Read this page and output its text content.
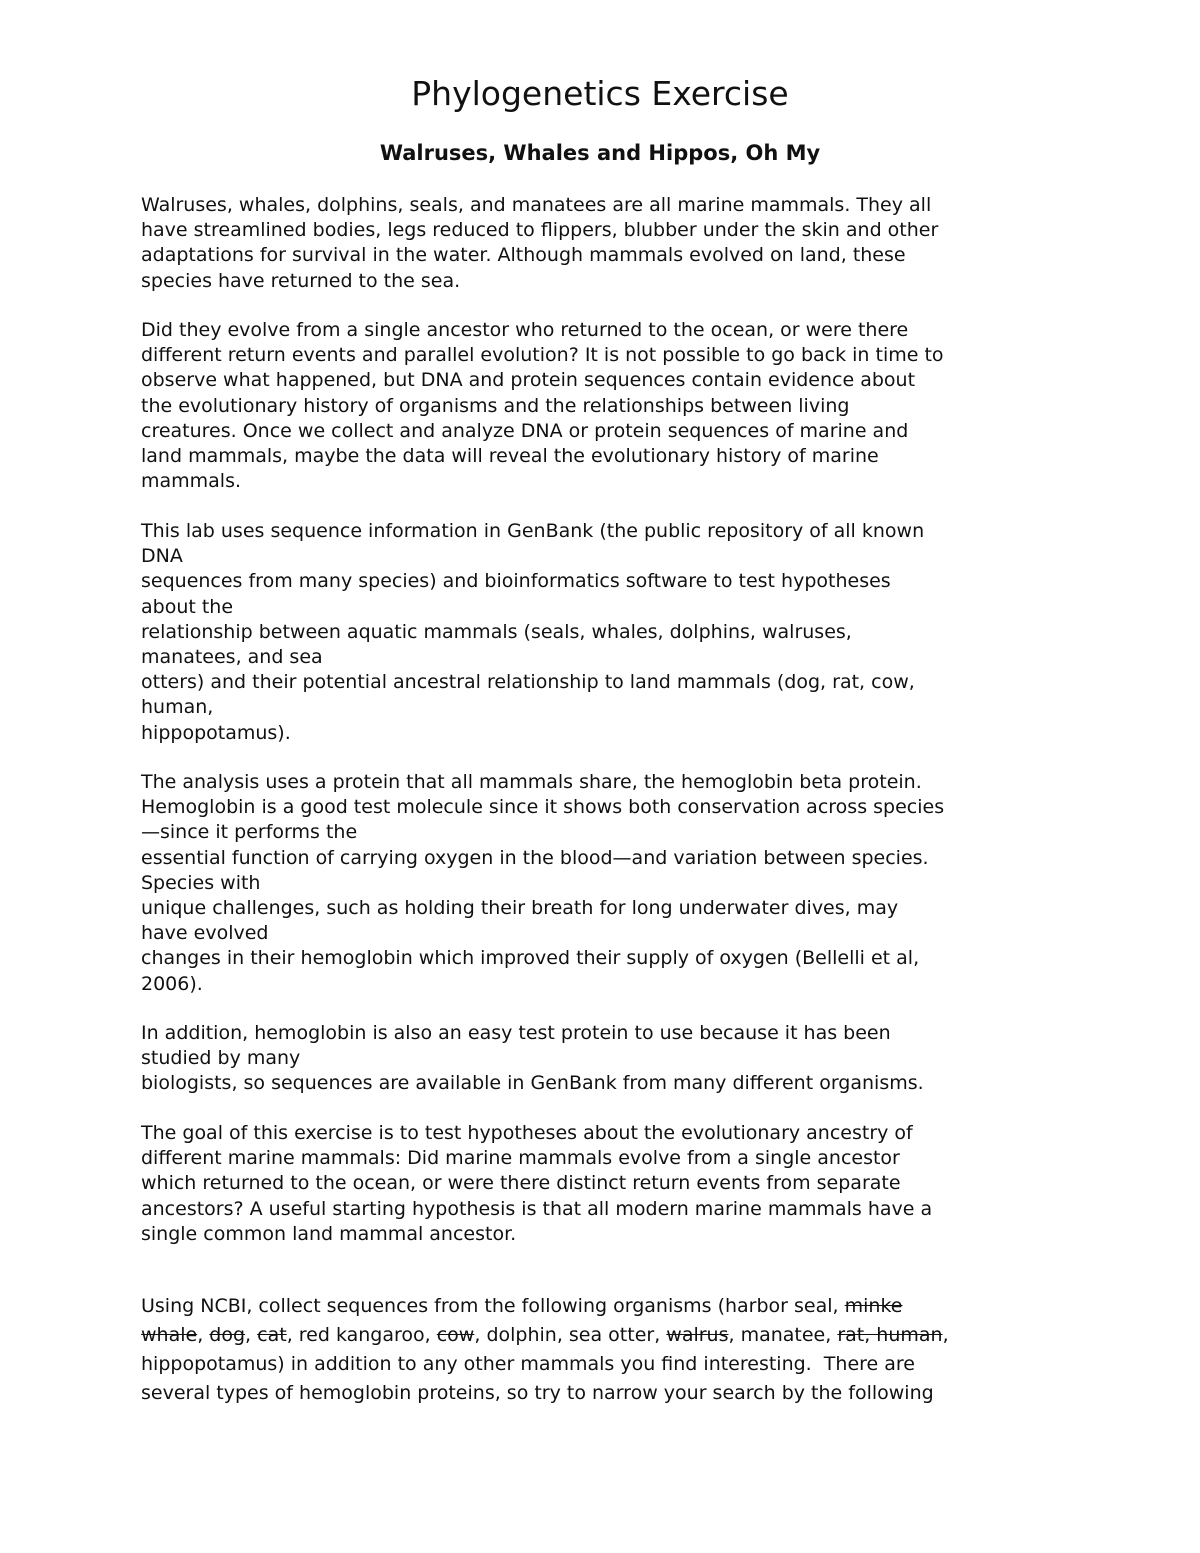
Phylogenetics Exercise
Walruses, Whales and Hippos, Oh My
Walruses, whales, dolphins, seals, and manatees are all marine mammals. They all
have streamlined bodies, legs reduced to flippers, blubber under the skin and other
adaptations for survival in the water. Although mammals evolved on land, these
species have returned to the sea.
Did they evolve from a single ancestor who returned to the ocean, or were there
different return events and parallel evolution? It is not possible to go back in time to
observe what happened, but DNA and protein sequences contain evidence about
the evolutionary history of organisms and the relationships between living
creatures. Once we collect and analyze DNA or protein sequences of marine and
land mammals, maybe the data will reveal the evolutionary history of marine
mammals.
This lab uses sequence information in GenBank (the public repository of all known
DNA
sequences from many species) and bioinformatics software to test hypotheses
about the
relationship between aquatic mammals (seals, whales, dolphins, walruses,
manatees, and sea
otters) and their potential ancestral relationship to land mammals (dog, rat, cow,
human,
hippopotamus).
The analysis uses a protein that all mammals share, the hemoglobin beta protein.
Hemoglobin is a good test molecule since it shows both conservation across species
—since it performs the
essential function of carrying oxygen in the blood—and variation between species.
Species with
unique challenges, such as holding their breath for long underwater dives, may
have evolved
changes in their hemoglobin which improved their supply of oxygen (Bellelli et al,
2006).
In addition, hemoglobin is also an easy test protein to use because it has been
studied by many
biologists, so sequences are available in GenBank from many different organisms.
The goal of this exercise is to test hypotheses about the evolutionary ancestry of
different marine mammals: Did marine mammals evolve from a single ancestor
which returned to the ocean, or were there distinct return events from separate
ancestors? A useful starting hypothesis is that all modern marine mammals have a
single common land mammal ancestor.
Using NCBI, collect sequences from the following organisms (harbor seal, minke
whale, dog, cat, red kangaroo, cow, dolphin, sea otter, walrus, manatee, rat, human,
hippopotamus) in addition to any other mammals you find interesting.  There are
several types of hemoglobin proteins, so try to narrow your search by the following
